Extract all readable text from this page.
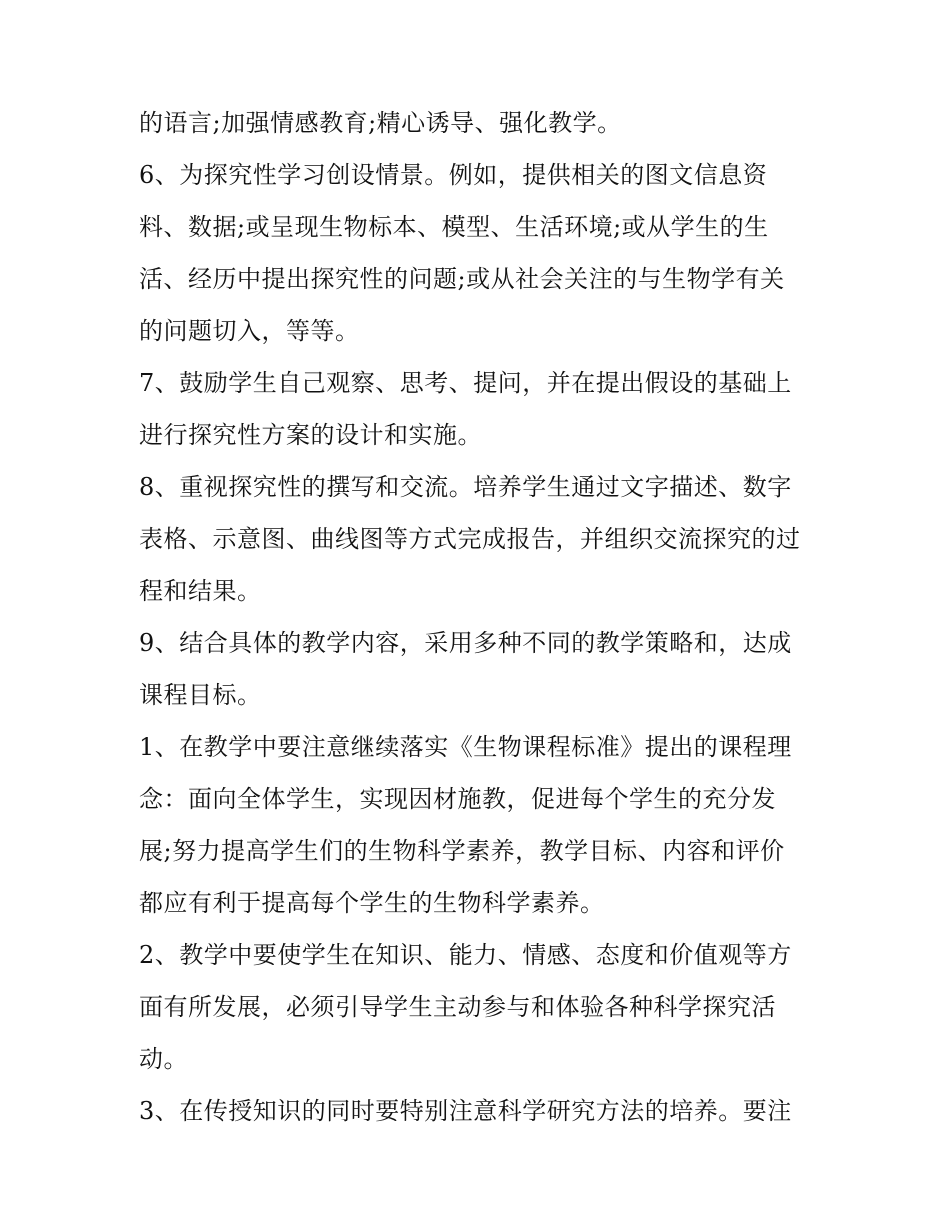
的语言;加强情感教育;精心诱导、强化教学。
6、为探究性学习创设情景。例如，提供相关的图文信息资
料、数据;或呈现生物标本、模型、生活环境;或从学生的生
活、经历中提出探究性的问题;或从社会关注的与生物学有关
的问题切入，等等。
7、鼓励学生自己观察、思考、提问，并在提出假设的基础上
进行探究性方案的设计和实施。
8、重视探究性的撰写和交流。培养学生通过文字描述、数字
表格、示意图、曲线图等方式完成报告，并组织交流探究的过
程和结果。
9、结合具体的教学内容，采用多种不同的教学策略和，达成
课程目标。
1、在教学中要注意继续落实《生物课程标准》提出的课程理
念：面向全体学生，实现因材施教，促进每个学生的充分发
展;努力提高学生们的生物科学素养，教学目标、内容和评价
都应有利于提高每个学生的生物科学素养。
2、教学中要使学生在知识、能力、情感、态度和价值观等方
面有所发展，必须引导学生主动参与和体验各种科学探究活
动。
3、在传授知识的同时要特别注意科学研究方法的培养。要注
